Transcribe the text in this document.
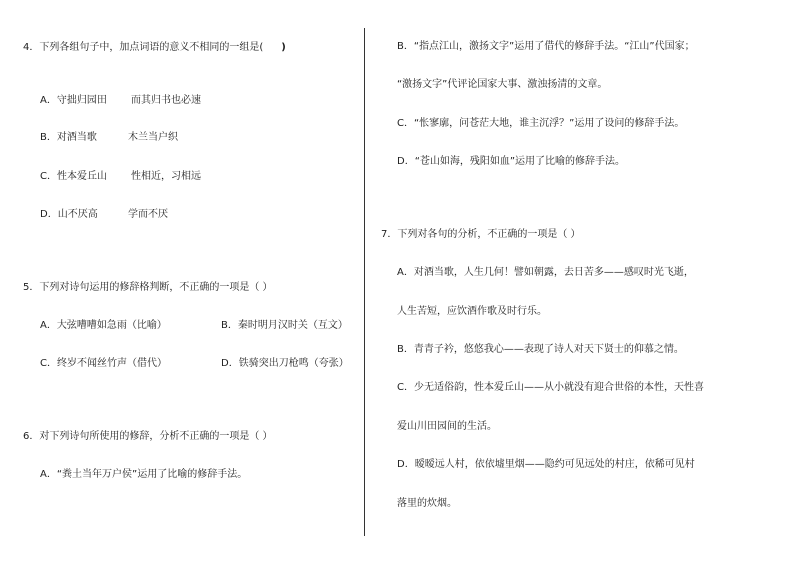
4．下列各组句子中，加点词语的意义不相同的一组是( )
A．守拙归园田 而其归书也必速
B．对酒当歌	木兰当户织
C．性本爱丘山 性相近，习相远
D．山不厌高	学而不厌
5．下列对诗句运用的修辞格判断，不正确的一项是（ ）
A．大弦嘈嘈如急雨（比喻）	B．秦时明月汉时关（互文）
C．终岁不闻丝竹声（借代）	D．铁骑突出刀枪鸣（夸张）
6．对下列诗句所使用的修辞，分析不正确的一项是（ ）
A．“粪土当年万户侯”运用了比喻的修辞手法。
B．“指点江山，激扬文字”运用了借代的修辞手法。“江山”代国家；
“激扬文字”代评论国家大事、激浊扬清的文章。
C．“怅寥廓，问苍茫大地，谁主沉浮？”运用了设问的修辞手法。
D．“苍山如海，残阳如血”运用了比喻的修辞手法。
7．下列对各句的分析，不正确的一项是（ ）
A．对酒当歌，人生几何！譬如朝露，去日苦多——感叹时光飞逝，
人生苦短，应饮酒作歌及时行乐。
B．青青子衿，悠悠我心——表现了诗人对天下贤士的仰慕之情。
C．少无适俗韵，性本爱丘山——从小就没有迎合世俗的本性，天性喜
爱山川田园间的生活。
D．暧暧远人村，依依墟里烟——隐约可见远处的村庄，依稀可见村
落里的炊烟。
